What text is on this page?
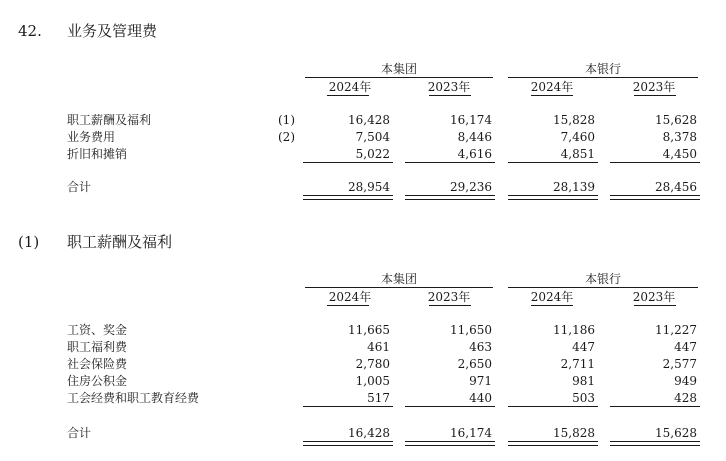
42. 业务及管理费
本集团	本银行
2024年	2023年	2024年	2023年
职工薪酬及福利	(1)	16,428	16,174	15,828	15,628
业务费用	(2)	7,504	8,446	7,460	8,378
折旧和摊销	5,022	4,616	4,851	4,450
合计	28,954	29,236	28,139	28,456
(1) 职工薪酬及福利
本集团	本银行
2024年	2023年	2024年	2023年
工资、奖金	11,665	11,650	11,186	11,227
职工福利费	461	463	447	447
社会保险费	2,780	2,650	2,711	2,577
住房公积金	1,005	971	981	949
工会经费和职工教育经费	517	440	503	428
合计	16,428	16,174	15,828	15,628
